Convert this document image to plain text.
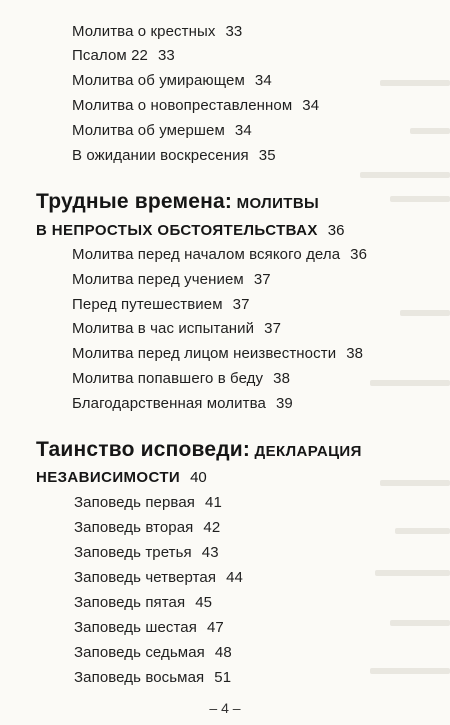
Молитва о крестных 33
Псалом 22 33
Молитва об умирающем 34
Молитва о новопреставленном 34
Молитва об умершем 34
В ожидании воскресения 35
Трудные времена: МОЛИТВЫ
В НЕПРОСТЫХ ОБСТОЯТЕЛЬСТВАХ 36
Молитва перед началом всякого дела 36
Молитва перед учением 37
Перед путешествием 37
Молитва в час испытаний 37
Молитва перед лицом неизвестности 38
Молитва попавшего в беду 38
Благодарственная молитва 39
Таинство исповеди: ДЕКЛАРАЦИЯ
НЕЗАВИСИМОСТИ 40
Заповедь первая 41
Заповедь вторая 42
Заповедь третья 43
Заповедь четвертая 44
Заповедь пятая 45
Заповедь шестая 47
Заповедь седьмая 48
Заповедь восьмая 51
– 4 –
